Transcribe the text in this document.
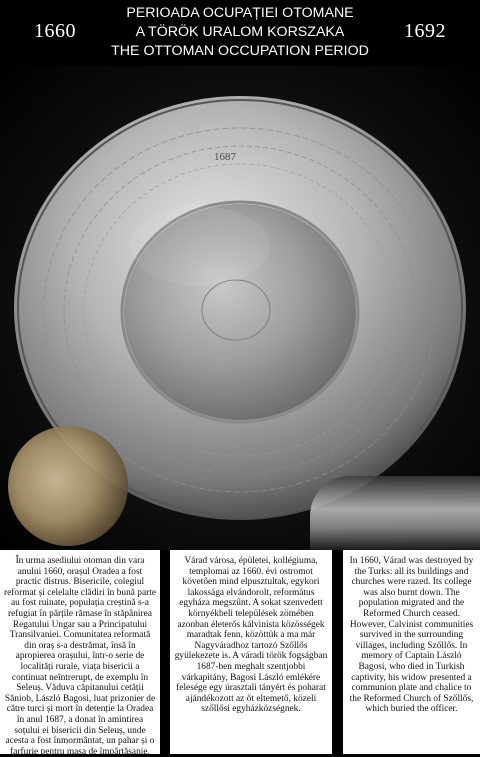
1660
PERIOADA OCUPAȚIEI OTOMANE
A TÖRÖK URALOM KORSZAKA
THE OTTOMAN OCCUPATION PERIOD
1692
1687

În urma asediului otoman din vara anului 1660, orașul Oradea a fost practic distrus. Bisericile, colegiul reformat și celelalte clădiri în bună parte au fost ruinate, populația creștină s-a refugiat în părțile rămase în stăpânirea Regatului Ungar sau a Principatului Transilvaniei. Comunitatea reformată din oraș s-a destrămat, însă în apropierea orașului, într-o serie de localități rurale, viața bisericii a continuat neîntrerupt, de exemplu în Seleuș. Văduva căpitanului cetății Săniob, László Bagosi, luat prizonier de către turci și mort în detenție la Oradea în anul 1687, a donat în amintirea soțului ei bisericii din Seleuș, unde acesta a fost înmormântat, un pahar și o farfurie pentru masa de împărtășanie.

Várad városa, épületei, kollégiuma, templomai az 1660. évi ostromot követően mind elpusztultak, egykori lakossága elvándorolt, református egyháza megszűnt. A sokat szenvedett környékbeli települések zömében azonban életerős kálvinista közösségek maradtak fenn, közöttük a ma már Nagyváradhoz tartozó Szőllős gyülekezete is. A váradi török fogságban 1687-ben meghalt szentjobbi várkapitány, Bagosi László emlékére felesége egy úrasztali tányért és poharat ajándékozott az őt eltemető, közeli szőllősi egyházközségnek.

In 1660, Várad was destroyed by the Turks: all its buildings and churches were razed. Its college was also burnt down. The population migrated and the Reformed Church ceased. However, Calvinist communities survived in the surrounding villages, including Szőllős. In memory of Captain László Bagosi, who died in Turkish captivity, his widow presented a communion plate and chalice to the Reformed Church of Szőllős, which buried the officer.
